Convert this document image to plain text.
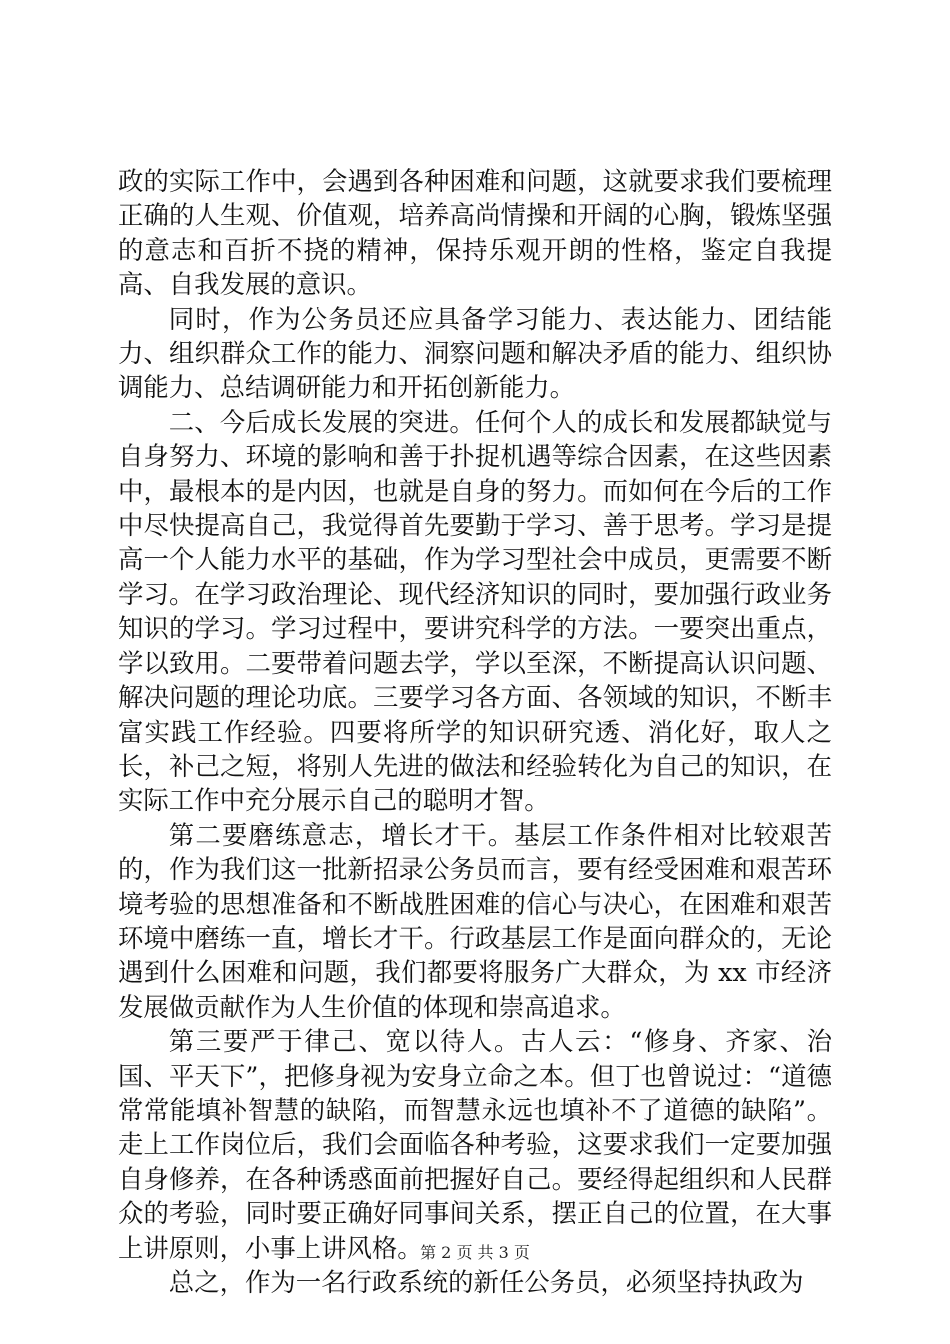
政的实际工作中，会遇到各种困难和问题，这就要求我们要梳理正确的人生观、价值观，培养高尚情操和开阔的心胸，锻炼坚强的意志和百折不挠的精神，保持乐观开朗的性格，鉴定自我提高、自我发展的意识。

同时，作为公务员还应具备学习能力、表达能力、团结能力、组织群众工作的能力、洞察问题和解决矛盾的能力、组织协调能力、总结调研能力和开拓创新能力。

二、今后成长发展的突进。任何个人的成长和发展都缺觉与自身努力、环境的影响和善于扑捉机遇等综合因素，在这些因素中，最根本的是内因，也就是自身的努力。而如何在今后的工作中尽快提高自己，我觉得首先要勤于学习、善于思考。学习是提高一个人能力水平的基础，作为学习型社会中成员，更需要不断学习。在学习政治理论、现代经济知识的同时，要加强行政业务知识的学习。学习过程中，要讲究科学的方法。一要突出重点，学以致用。二要带着问题去学，学以至深，不断提高认识问题、解决问题的理论功底。三要学习各方面、各领域的知识，不断丰富实践工作经验。四要将所学的知识研究透、消化好，取人之长，补己之短，将别人先进的做法和经验转化为自己的知识，在实际工作中充分展示自己的聪明才智。

第二要磨练意志，增长才干。基层工作条件相对比较艰苦的，作为我们这一批新招录公务员而言，要有经受困难和艰苦环境考验的思想准备和不断战胜困难的信心与决心，在困难和艰苦环境中磨练一直，增长才干。行政基层工作是面向群众的，无论遇到什么困难和问题，我们都要将服务广大群众，为 xx 市经济发展做贡献作为人生价值的体现和崇高追求。

第三要严于律己、宽以待人。古人云：“修身、齐家、治国、平天下”，把修身视为安身立命之本。但丁也曾说过：“道德常常能填补智慧的缺陷，而智慧永远也填补不了道德的缺陷”。走上工作岗位后，我们会面临各种考验，这要求我们一定要加强自身修养，在各种诱惑面前把握好自己。要经得起组织和人民群众的考验，同时要正确好同事间关系，摆正自己的位置，在大事上讲原则，小事上讲风格。

总之，作为一名行政系统的新任公务员，必须坚持执政为

第 2 页 共 3 页
